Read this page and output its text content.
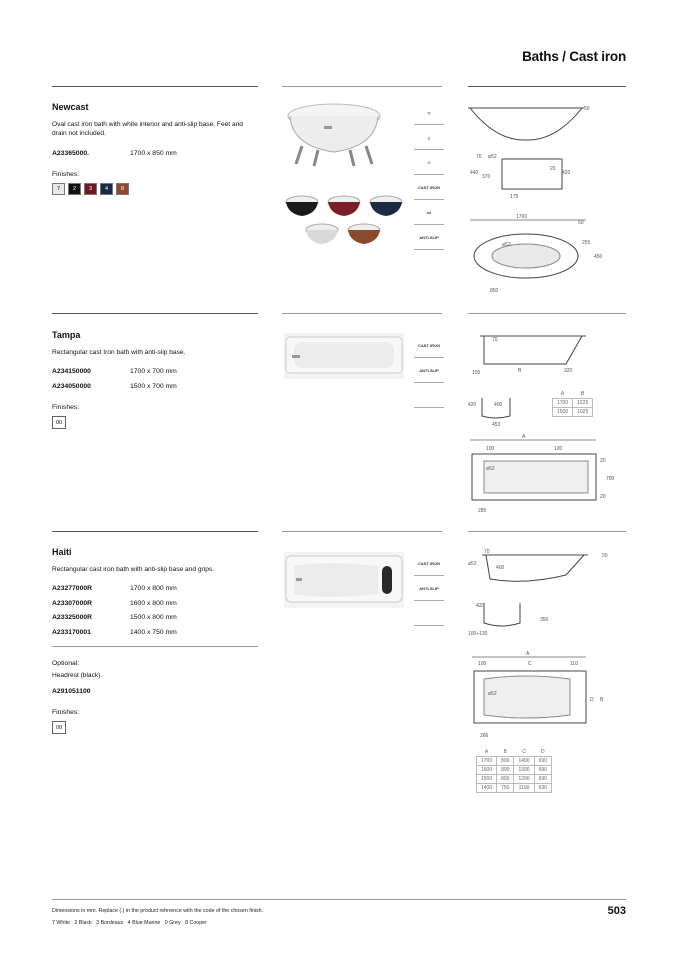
Baths / Cast iron
Newcast
Oval cast iron bath with white interior and anti-slip base. Feet and drain not included.
A23365000.	1700 x 850 mm
Finishes:
7	2	3	4	8
╤
╥
╧
CAST IRON
x2
ANTI-SLIP
50
70 ø52
440
370
20
420
175
1700
50
255
450
ø52
850
Tampa
Rectangular cast Iron bath with anti-slip base.
A234150000	1700 x 700 mm
A234050000	1500 x 700 mm
Finishes:
00
CAST IRON
ANTI-SLIP
70
155	B	320
420	400
453
A
100	130
20
ø52
700
20
285
A	B
1700	1225
1500	1025
Haiti
Rectangular cast iron bath with anti-slip base and grips.
A23277000R	1700 x 800 mm
A23307000R	1600 x 800 mm
A23325000R	1500 x 800 mm
A233170001	1400 x 750 mm
Optional:
Headrest (black).
A291051100
Finishes:
00
CAST IRON
ANTI-SLIP
70
20
ø52
400
420
350
100÷130
A
100	C	110
ø52
D B
266
A	B	C	D
1700	800	1490	690
1600	800	1390	690
1500	800	1290	690
1400	750	1190	630
Dimensions in mm. Replace (.) in the product reference with the code of the chosen finish.
7 White   2 Black   3 Bordeaux   4 Blue Marine   0 Grey   8 Cooper
503
